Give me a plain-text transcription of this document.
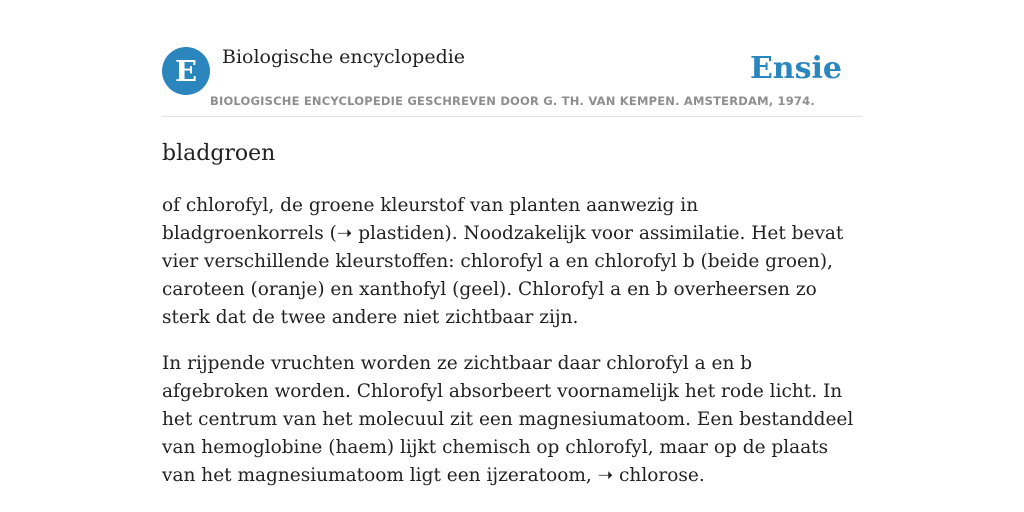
E	Biologische encyclopedie	Ensie
BIOLOGISCHE ENCYCLOPEDIE GESCHREVEN DOOR G. TH. VAN KEMPEN. AMSTERDAM, 1974.
bladgroen

of chlorofyl, de groene kleurstof van planten aanwezig in bladgroenkorrels (➝ plastiden). Noodzakelijk voor assimilatie. Het bevat vier verschillende kleurstoffen: chlorofyl a en chlorofyl b (beide groen), caroteen (oranje) en xanthofyl (geel). Chlorofyl a en b overheersen zo sterk dat de twee andere niet zichtbaar zijn.

In rijpende vruchten worden ze zichtbaar daar chlorofyl a en b afgebroken worden. Chlorofyl absorbeert voornamelijk het rode licht. In het centrum van het molecuul zit een magnesiumatoom. Een bestanddeel van hemoglobine (haem) lijkt chemisch op chlorofyl, maar op de plaats van het magnesiumatoom ligt een ijzeratoom, ➝ chlorose.
